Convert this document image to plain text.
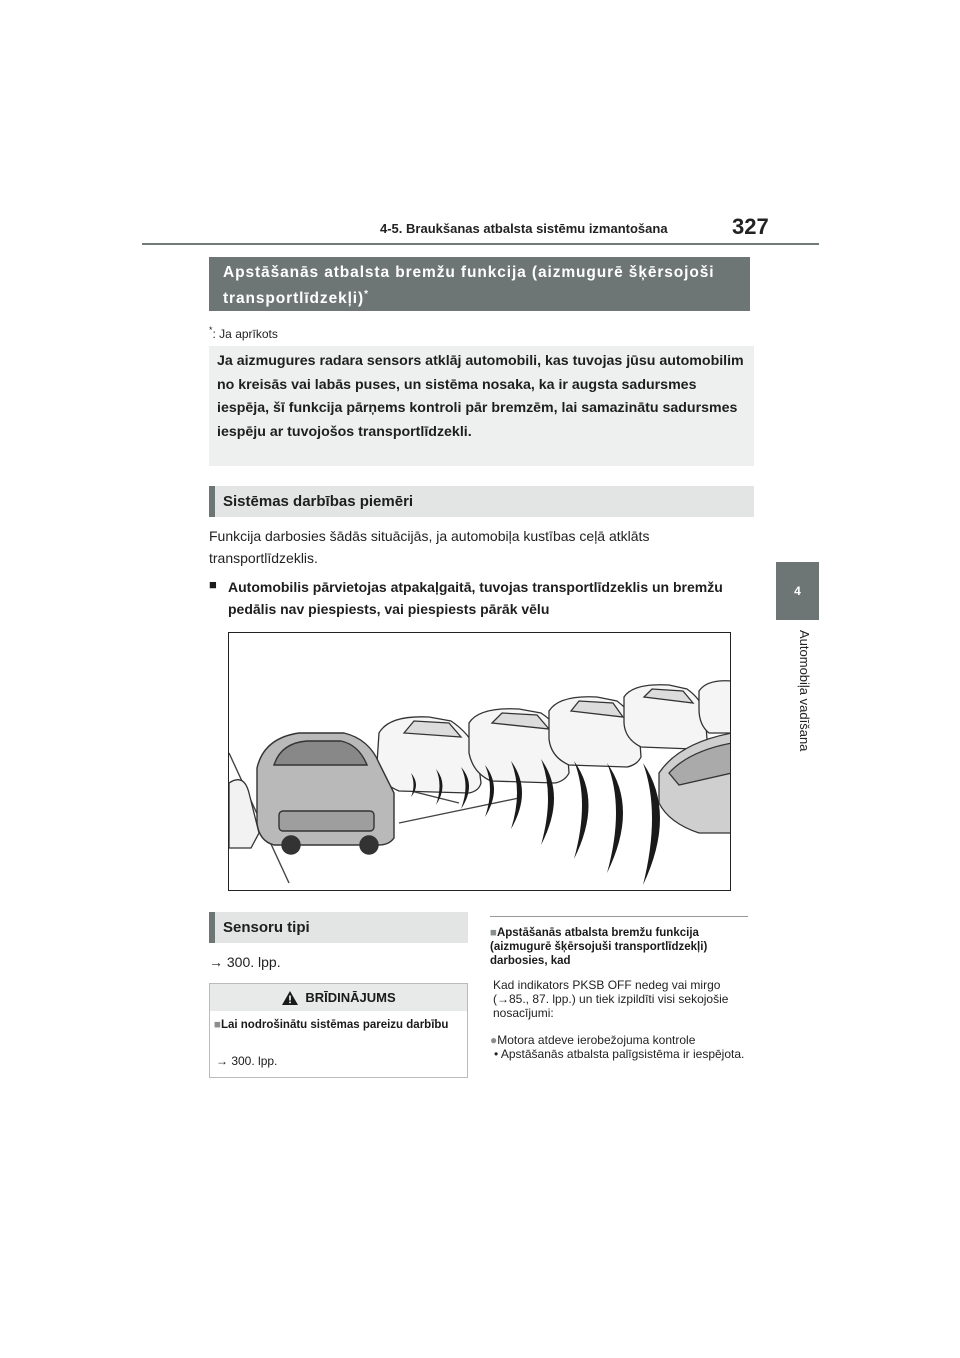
4-5. Braukšanas atbalsta sistēmu izmantošana	327
4
Automobiļa vadīšana
Apstāšanās atbalsta bremžu funkcija (aizmugurē šķērsojoši transportlīdzekļi)*
*: Ja aprīkots
Ja aizmugures radara sensors atklāj automobili, kas tuvojas jūsu automobilim no kreisās vai labās puses, un sistēma nosaka, ka ir augsta sadursmes iespēja, šī funkcija pārņems kontroli pār bremzēm, lai samazinātu sadursmes iespēju ar tuvojošos transportlīdzekli.
Sistēmas darbības piemēri
Funkcija darbosies šādās situācijās, ja automobiļa kustības ceļā atklāts transportlīdzeklis.
■ Automobilis pārvietojas atpakaļgaitā, tuvojas transportlīdzeklis un bremžu pedālis nav piespiests, vai piespiests pārāk vēlu
Sensoru tipi
→ 300. lpp.
BRĪDINĀJUMS
■Lai nodrošinātu sistēmas pareizu darbību
→ 300. lpp.
■Apstāšanās atbalsta bremžu funkcija (aizmugurē šķērsojuši transportlīdzekļi) darbosies, kad
Kad indikators PKSB OFF nedeg vai mirgo (→85., 87. lpp.) un tiek izpildīti visi sekojošie nosacījumi:
●Motora atdeve ierobežojuma kontrole
• Apstāšanās atbalsta palīgsistēma ir iespējota.
